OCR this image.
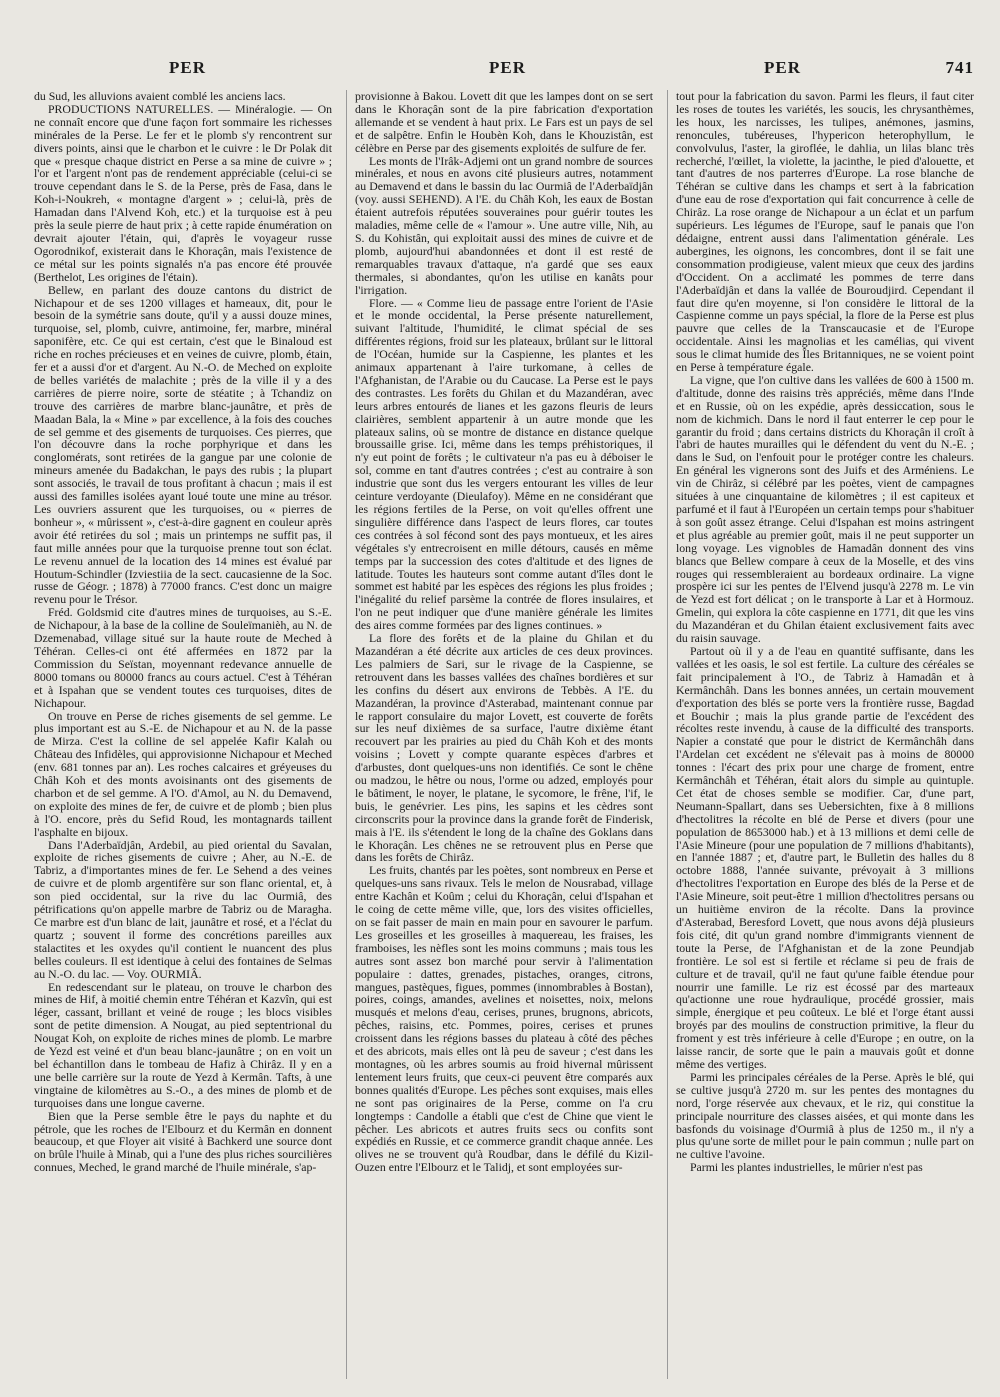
PER	PER	PER	741

du Sud, les alluvions avaient comblé les anciens lacs.

PRODUCTIONS NATURELLES. — Minéralogie. — On ne connaît encore que d'une façon fort sommaire les richesses minérales de la Perse. Le fer et le plomb s'y rencontrent sur divers points, ainsi que le charbon et le cuivre : le Dr Polak dit que « presque chaque district en Perse a sa mine de cuivre » ; l'or et l'argent n'ont pas de rendement appréciable (celui-ci se trouve cependant dans le S. de la Perse, près de Fasa, dans le Koh-i-Noukreh, « montagne d'argent » ; celui-là, près de Hamadan dans l'Alvend Koh, etc.) et la turquoise est à peu près la seule pierre de haut prix ; à cette rapide énumération on devrait ajouter l'étain, qui, d'après le voyageur russe Ogorodnikof, existerait dans le Khoraçân, mais l'existence de ce métal sur les points signalés n'a pas encore été prouvée (Berthelot, Les origines de l'étain).

Bellew, en parlant des douze cantons du district de Nichapour et de ses 1200 villages et hameaux, dit, pour le besoin de la symétrie sans doute, qu'il y a aussi douze mines, turquoise, sel, plomb, cuivre, antimoine, fer, marbre, minéral saponifère, etc. Ce qui est certain, c'est que le Binaloud est riche en roches précieuses et en veines de cuivre, plomb, étain, fer et a aussi d'or et d'argent. Au N.-O. de Meched on exploite de belles variétés de malachite ; près de la ville il y a des carrières de pierre noire, sorte de stéatite ; à Tchandiz on trouve des carrières de marbre blanc-jaunâtre, et près de Maadan Bala, la « Mine » par excellence, à la fois des couches de sel gemme et des gisements de turquoises. Ces pierres, que l'on découvre dans la roche porphyrique et dans les conglomérats, sont retirées de la gangue par une colonie de mineurs amenée du Badakchan, le pays des rubis ; la plupart sont associés, le travail de tous profitant à chacun ; mais il est aussi des familles isolées ayant loué toute une mine au trésor. Les ouvriers assurent que les turquoises, ou « pierres de bonheur », « mûrissent », c'est-à-dire gagnent en couleur après avoir été retirées du sol ; mais un printemps ne suffit pas, il faut mille années pour que la turquoise prenne tout son éclat. Le revenu annuel de la location des 14 mines est évalué par Houtum-Schindler (Izviestiia de la sect. caucasienne de la Soc. russe de Géogr. ; 1878) à 77000 francs. C'est donc un maigre revenu pour le Trésor.

Fréd. Goldsmid cite d'autres mines de turquoises, au S.-E. de Nichapour, à la base de la colline de Souleïmanièh, au N. de Dzemenabad, village situé sur la haute route de Meched à Téhéran. Celles-ci ont été affermées en 1872 par la Commission du Seïstan, moyennant redevance annuelle de 8000 tomans ou 80000 francs au cours actuel. C'est à Téhéran et à Ispahan que se vendent toutes ces turquoises, dites de Nichapour.

On trouve en Perse de riches gisements de sel gemme. Le plus important est au S.-E. de Nichapour et au N. de la passe de Mirza. C'est la colline de sel appelée Kafir Kalah ou Château des Infidèles, qui approvisionne Nichapour et Meched (env. 681 tonnes par an). Les roches calcaires et gréyeuses du Châh Koh et des monts avoisinants ont des gisements de charbon et de sel gemme. A l'O. d'Amol, au N. du Demavend, on exploite des mines de fer, de cuivre et de plomb ; bien plus à l'O. encore, près du Sefid Roud, les montagnards taillent l'asphalte en bijoux.

Dans l'Aderbaïdjân, Ardebil, au pied oriental du Savalan, exploite de riches gisements de cuivre ; Aher, au N.-E. de Tabriz, a d'importantes mines de fer. Le Sehend a des veines de cuivre et de plomb argentifère sur son flanc oriental, et, à son pied occidental, sur la rive du lac Ourmiâ, des pétrifications qu'on appelle marbre de Tabriz ou de Maragha. Ce marbre est d'un blanc de lait, jaunâtre et rosé, et a l'éclat du quartz ; souvent il forme des concrétions pareilles aux stalactites et les oxydes qu'il contient le nuancent des plus belles couleurs. Il est identique à celui des fontaines de Selmas au N.-O. du lac. — Voy. OURMIÂ.

En redescendant sur le plateau, on trouve le charbon des mines de Hif, à moitié chemin entre Téhéran et Kazvîn, qui est léger, cassant, brillant et veiné de rouge ; les blocs visibles sont de petite dimension. A Nougat, au pied septentrional du Nougat Koh, on exploite de riches mines de plomb. Le marbre de Yezd est veiné et d'un beau blanc-jaunâtre ; on en voit un bel échantillon dans le tombeau de Hafiz à Chirâz. Il y en a une belle carrière sur la route de Yezd à Kermân. Tafts, à une vingtaine de kilomètres au S.-O., a des mines de plomb et de turquoises dans une longue caverne.

Bien que la Perse semble être le pays du naphte et du pétrole, que les roches de l'Elbourz et du Kermân en donnent beaucoup, et que Floyer ait visité à Bachkerd une source dont on brûle l'huile à Minab, qui a l'une des plus riches sourcilières connues, Meched, le grand marché de l'huile minérale, s'ap-

provisionne à Bakou. Lovett dit que les lampes dont on se sert dans le Khoraçân sont de la pire fabrication d'exportation allemande et se vendent à haut prix. Le Fars est un pays de sel et de salpêtre. Enfin le Houbèn Koh, dans le Khouzistân, est célèbre en Perse par des gisements exploités de sulfure de fer.

Les monts de l'Irâk-Adjemi ont un grand nombre de sources minérales, et nous en avons cité plusieurs autres, notamment au Demavend et dans le bassin du lac Ourmiâ de l'Aderbaïdjân (voy. aussi SEHEND). A l'E. du Châh Koh, les eaux de Bostan étaient autrefois réputées souveraines pour guérir toutes les maladies, même celle de « l'amour ». Une autre ville, Nih, au S. du Kohistân, qui exploitait aussi des mines de cuivre et de plomb, aujourd'hui abandonnées et dont il est resté de remarquables travaux d'attaque, n'a gardé que ses eaux thermales, si abondantes, qu'on les utilise en kanâts pour l'irrigation.

Flore. — « Comme lieu de passage entre l'orient de l'Asie et le monde occidental, la Perse présente naturellement, suivant l'altitude, l'humidité, le climat spécial de ses différentes régions, froid sur les plateaux, brûlant sur le littoral de l'Océan, humide sur la Caspienne, les plantes et les animaux appartenant à l'aire turkomane, à celles de l'Afghanistan, de l'Arabie ou du Caucase. La Perse est le pays des contrastes. Les forêts du Ghilan et du Mazandéran, avec leurs arbres entourés de lianes et les gazons fleuris de leurs clairières, semblent appartenir à un autre monde que les plateaux salins, où se montre de distance en distance quelque broussaille grise. Ici, même dans les temps préhistoriques, il n'y eut point de forêts ; le cultivateur n'a pas eu à déboiser le sol, comme en tant d'autres contrées ; c'est au contraire à son industrie que sont dus les vergers entourant les villes de leur ceinture verdoyante (Dieulafoy). Même en ne considérant que les régions fertiles de la Perse, on voit qu'elles offrent une singulière différence dans l'aspect de leurs flores, car toutes ces contrées à sol fécond sont des pays montueux, et les aires végétales s'y entrecroisent en mille détours, causés en même temps par la succession des cotes d'altitude et des lignes de latitude. Toutes les hauteurs sont comme autant d'îles dont le sommet est habité par les espèces des régions les plus froides ; l'inégalité du relief parsème la contrée de flores insulaires, et l'on ne peut indiquer que d'une manière générale les limites des aires comme formées par des lignes continues. »

La flore des forêts et de la plaine du Ghilan et du Mazandéran a été décrite aux articles de ces deux provinces. Les palmiers de Sari, sur le rivage de la Caspienne, se retrouvent dans les basses vallées des chaînes bordières et sur les confins du désert aux environs de Tebbès. A l'E. du Mazandéran, la province d'Asterabad, maintenant connue par le rapport consulaire du major Lovett, est couverte de forêts sur les neuf dixièmes de sa surface, l'autre dixième étant recouvert par les prairies au pied du Châh Koh et des monts voisins ; Lovett y compte quarante espèces d'arbres et d'arbustes, dont quelques-uns non identifiés. Ce sont le chêne ou madzou, le hêtre ou nous, l'orme ou adzed, employés pour le bâtiment, le noyer, le platane, le sycomore, le frêne, l'if, le buis, le genévrier. Les pins, les sapins et les cèdres sont circonscrits pour la province dans la grande forêt de Finderisk, mais à l'E. ils s'étendent le long de la chaîne des Goklans dans le Khoraçân. Les chênes ne se retrouvent plus en Perse que dans les forêts de Chirâz.

Les fruits, chantés par les poètes, sont nombreux en Perse et quelques-uns sans rivaux. Tels le melon de Nousrabad, village entre Kachân et Koûm ; celui du Khoraçân, celui d'Ispahan et le coing de cette même ville, que, lors des visites officielles, on se fait passer de main en main pour en savourer le parfum. Les groseilles et les groseilles à maquereau, les fraises, les framboises, les nèfles sont les moins communs ; mais tous les autres sont assez bon marché pour servir à l'alimentation populaire : dattes, grenades, pistaches, oranges, citrons, mangues, pastèques, figues, pommes (innombrables à Bostan), poires, coings, amandes, avelines et noisettes, noix, melons musqués et melons d'eau, cerises, prunes, brugnons, abricots, pêches, raisins, etc. Pommes, poires, cerises et prunes croissent dans les régions basses du plateau à côté des pêches et des abricots, mais elles ont là peu de saveur ; c'est dans les montagnes, où les arbres soumis au froid hivernal mûrissent lentement leurs fruits, que ceux-ci peuvent être comparés aux bonnes qualités d'Europe. Les pêches sont exquises, mais elles ne sont pas originaires de la Perse, comme on l'a cru longtemps : Candolle a établi que c'est de Chine que vient le pêcher. Les abricots et autres fruits secs ou confits sont expédiés en Russie, et ce commerce grandit chaque année. Les olives ne se trouvent qu'à Roudbar, dans le défilé du Kizil-Ouzen entre l'Elbourz et le Talidj, et sont employées sur-

tout pour la fabrication du savon. Parmi les fleurs, il faut citer les roses de toutes les variétés, les soucis, les chrysanthèmes, les houx, les narcisses, les tulipes, anémones, jasmins, renoncules, tubéreuses, l'hypericon heterophyllum, le convolvulus, l'aster, la giroflée, le dahlia, un lilas blanc très recherché, l'œillet, la violette, la jacinthe, le pied d'alouette, et tant d'autres de nos parterres d'Europe. La rose blanche de Téhéran se cultive dans les champs et sert à la fabrication d'une eau de rose d'exportation qui fait concurrence à celle de Chirâz. La rose orange de Nichapour a un éclat et un parfum supérieurs. Les légumes de l'Europe, sauf le panais que l'on dédaigne, entrent aussi dans l'alimentation générale. Les aubergines, les oignons, les concombres, dont il se fait une consommation prodigieuse, valent mieux que ceux des jardins d'Occident. On a acclimaté les pommes de terre dans l'Aderbaïdjân et dans la vallée de Bouroudjird. Cependant il faut dire qu'en moyenne, si l'on considère le littoral de la Caspienne comme un pays spécial, la flore de la Perse est plus pauvre que celles de la Transcaucasie et de l'Europe occidentale. Ainsi les magnolias et les camélias, qui vivent sous le climat humide des Îles Britanniques, ne se voient point en Perse à température égale.

La vigne, que l'on cultive dans les vallées de 600 à 1500 m. d'altitude, donne des raisins très appréciés, même dans l'Inde et en Russie, où on les expédie, après dessiccation, sous le nom de kichmich. Dans le nord il faut enterrer le cep pour le garantir du froid ; dans certains districts du Khoraçân il croît à l'abri de hautes murailles qui le défendent du vent du N.-E. ; dans le Sud, on l'enfouit pour le protéger contre les chaleurs. En général les vignerons sont des Juifs et des Arméniens. Le vin de Chirâz, si célébré par les poètes, vient de campagnes situées à une cinquantaine de kilomètres ; il est capiteux et parfumé et il faut à l'Européen un certain temps pour s'habituer à son goût assez étrange. Celui d'Ispahan est moins astringent et plus agréable au premier goût, mais il ne peut supporter un long voyage. Les vignobles de Hamadân donnent des vins blancs que Bellew compare à ceux de la Moselle, et des vins rouges qui ressembleraient au bordeaux ordinaire. La vigne prospère ici sur les pentes de l'Elvend jusqu'à 2278 m. Le vin de Yezd est fort délicat ; on le transporte à Lar et à Hormouz. Gmelin, qui explora la côte caspienne en 1771, dit que les vins du Mazandéran et du Ghilan étaient exclusivement faits avec du raisin sauvage.

Partout où il y a de l'eau en quantité suffisante, dans les vallées et les oasis, le sol est fertile. La culture des céréales se fait principalement à l'O., de Tabriz à Hamadân et à Kermânchâh. Dans les bonnes années, un certain mouvement d'exportation des blés se porte vers la frontière russe, Bagdad et Bouchir ; mais la plus grande partie de l'excédent des récoltes reste invendu, à cause de la difficulté des transports. Napier a constaté que pour le district de Kermânchâh dans l'Ardelan cet excédent ne s'élevait pas à moins de 80000 tonnes : l'écart des prix pour une charge de froment, entre Kermânchâh et Téhéran, était alors du simple au quintuple. Cet état de choses semble se modifier. Car, d'une part, Neumann-Spallart, dans ses Uebersichten, fixe à 8 millions d'hectolitres la récolte en blé de Perse et divers (pour une population de 8653000 hab.) et à 13 millions et demi celle de l'Asie Mineure (pour une population de 7 millions d'habitants), en l'année 1887 ; et, d'autre part, le Bulletin des halles du 8 octobre 1888, l'année suivante, prévoyait à 3 millions d'hectolitres l'exportation en Europe des blés de la Perse et de l'Asie Mineure, soit peut-être 1 million d'hectolitres persans ou un huitième environ de la récolte. Dans la province d'Asterabad, Beresford Lovett, que nous avons déjà plusieurs fois cité, dit qu'un grand nombre d'immigrants viennent de toute la Perse, de l'Afghanistan et de la zone Peundjab frontière. Le sol est si fertile et réclame si peu de frais de culture et de travail, qu'il ne faut qu'une faible étendue pour nourrir une famille. Le riz est écossé par des marteaux qu'actionne une roue hydraulique, procédé grossier, mais simple, énergique et peu coûteux. Le blé et l'orge étant aussi broyés par des moulins de construction primitive, la fleur du froment y est très inférieure à celle d'Europe ; en outre, on la laisse rancir, de sorte que le pain a mauvais goût et donne même des vertiges.

Parmi les principales céréales de la Perse. Après le blé, qui se cultive jusqu'à 2720 m. sur les pentes des montagnes du nord, l'orge réservée aux chevaux, et le riz, qui constitue la principale nourriture des classes aisées, et qui monte dans les basfonds du voisinage d'Ourmiâ à plus de 1250 m., il n'y a plus qu'une sorte de millet pour le pain commun ; nulle part on ne cultive l'avoine.

Parmi les plantes industrielles, le mûrier n'est pas
